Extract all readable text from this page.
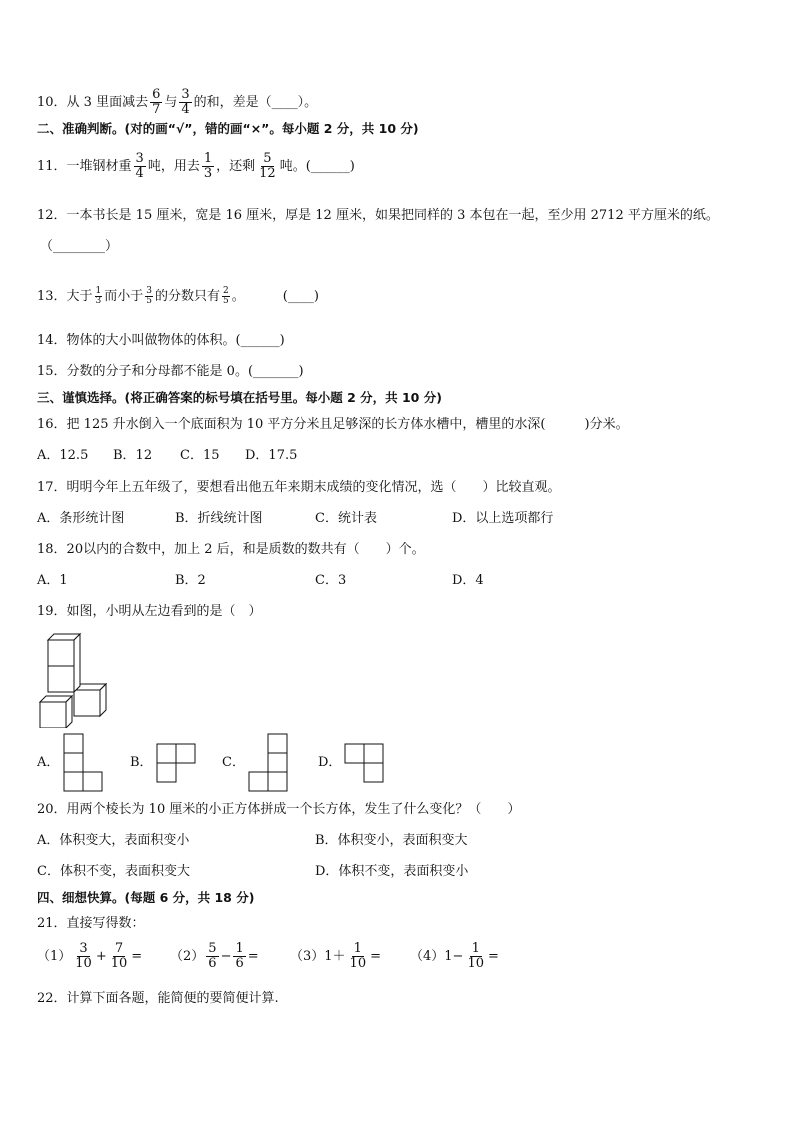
10．从 3 里面减去 $\frac{6}{7}$ 与 $\frac{3}{4}$ 的和，差是（____）。
二、准确判断。(对的画“√”，错的画“×”。每小题 2 分，共 10 分)
11．一堆钢材重 $\frac{3}{4}$ 吨，用去 $\frac{1}{3}$ ，还剩 $\frac{5}{12}$ 吨。(______)
12．一本书长是 15 厘米，宽是 16 厘米，厚是 12 厘米，如果把同样的 3 本包在一起，至少用 2712 平方厘米的纸。
（________）
13．大于 $\frac{1}{3}$ 而小于 $\frac{3}{5}$ 的分数只有 $\frac{2}{5}$ 。	(____)
14．物体的大小叫做物体的体积。(______)
15．分数的分子和分母都不能是 0。(_______)
三、谨慎选择。(将正确答案的标号填在括号里。每小题 2 分，共 10 分)
16．把 125 升水倒入一个底面积为 10 平方分米且足够深的长方体水槽中，槽里的水深(　　　)分米。
A．12.5 B．12 C．15 D．17.5
17．明明今年上五年级了，要想看出他五年来期末成绩的变化情况，选（　　）比较直观。
A．条形统计图	B．折线统计图	C．统计表	D．以上选项都行
18．20以内的合数中，加上 2 后，和是质数的数共有（　　）个。
A．1	B．2	C．3	D．4
19．如图，小明从左边看到的是（　）
A．	B．	C．	D．
20．用两个棱长为 10 厘米的小正方体拼成一个长方体，发生了什么变化？（　　）
A．体积变大，表面积变小	B．体积变小，表面积变大
C．体积不变，表面积变大	D．体积不变，表面积变小
四、细想快算。(每题 6 分，共 18 分)
21．直接写得数：
$(1) \frac{3}{10} + \frac{7}{10} = (2) \frac{5}{6} - \frac{1}{6} = (3)1+ \frac{1}{10} = (4)1- \frac{1}{10}$ =
22．计算下面各题，能简便的要简便计算.
